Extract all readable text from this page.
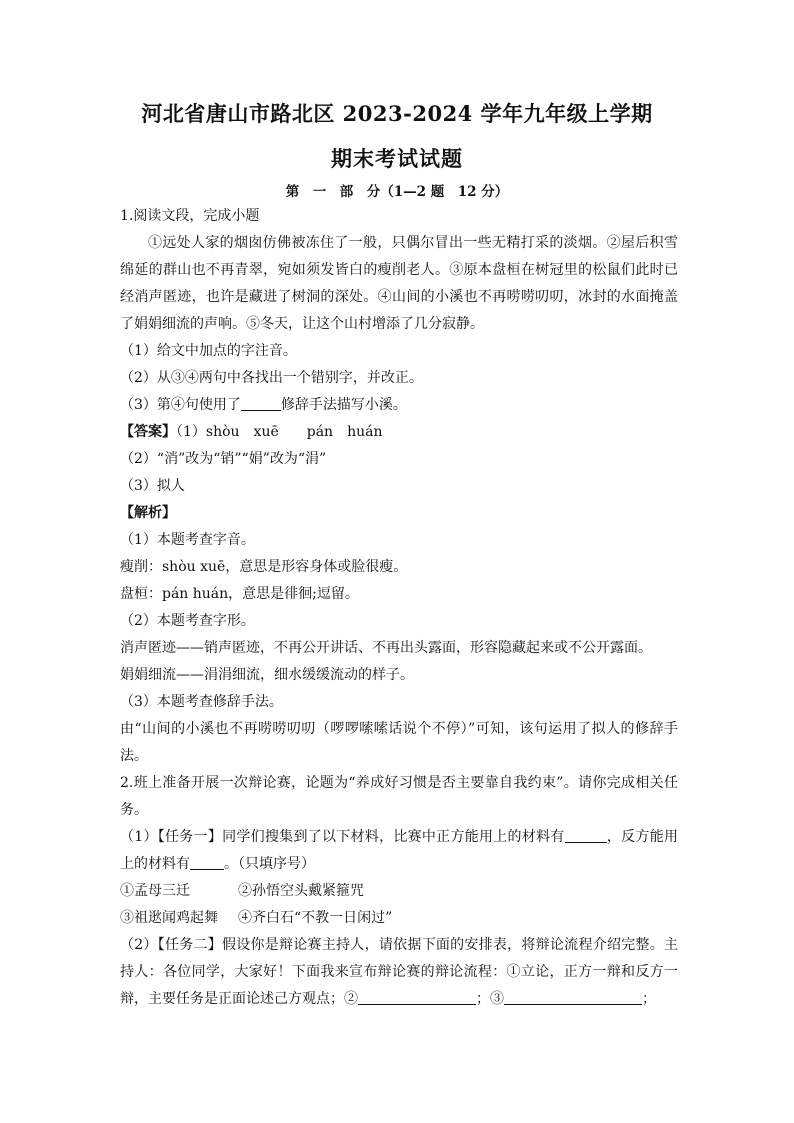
河北省唐山市路北区 2023-2024 学年九年级上学期
期末考试试题
第　一　部　分（1—2 题　12 分）
1.阅读文段，完成小题
①远处人家的烟囱仿佛被冻住了一般，只偶尔冒出一些无精打采的淡烟。②屋后积雪绵延的群山也不再青翠，宛如须发皆白的瘦削老人。③原本盘桓在树冠里的松鼠们此时已经消声匿迹，也许是藏进了树洞的深处。④山间的小溪也不再唠唠叨叨，冰封的水面掩盖了娟娟细流的声响。⑤冬天，让这个山村增添了几分寂静。
（1）给文中加点的字注音。
（2）从③④两句中各找出一个错别字，并改正。
（3）第④句使用了	修辞手法描写小溪。
【答案】（1）shòu　xuē　　pán　huán
（2）“消”改为“销”“娟”改为“涓”
（3）拟人
【解析】
（1）本题考查字音。
瘦削：shòu xuē，意思是形容身体或脸很瘦。
盘桓：pán huán，意思是徘徊;逗留。
（2）本题考查字形。
消声匿迹——销声匿迹，不再公开讲话、不再出头露面，形容隐藏起来或不公开露面。
娟娟细流——涓涓细流，细水缓缓流动的样子。
（3）本题考查修辞手法。
由“山间的小溪也不再唠唠叨叨（啰啰嗦嗦话说个不停）”可知，该句运用了拟人的修辞手法。
2.班上准备开展一次辩论赛，论题为“养成好习惯是否主要靠自我约束”。请你完成相关任务。
（1）【任务一】同学们搜集到了以下材料，比赛中正方能用上的材料有	，反方能用上的材料有 。（只填序号）
①孟母三迁	②孙悟空头戴紧箍咒
③祖逖闻鸡起舞 ④齐白石“不教一日闲过”
（2）【任务二】假设你是辩论赛主持人，请依据下面的安排表，将辩论流程介绍完整。主持人：各位同学，大家好！下面我来宣布辩论赛的辩论流程：①立论，正方一辩和反方一辩，主要任务是正面论述己方观点；②	；③	；
